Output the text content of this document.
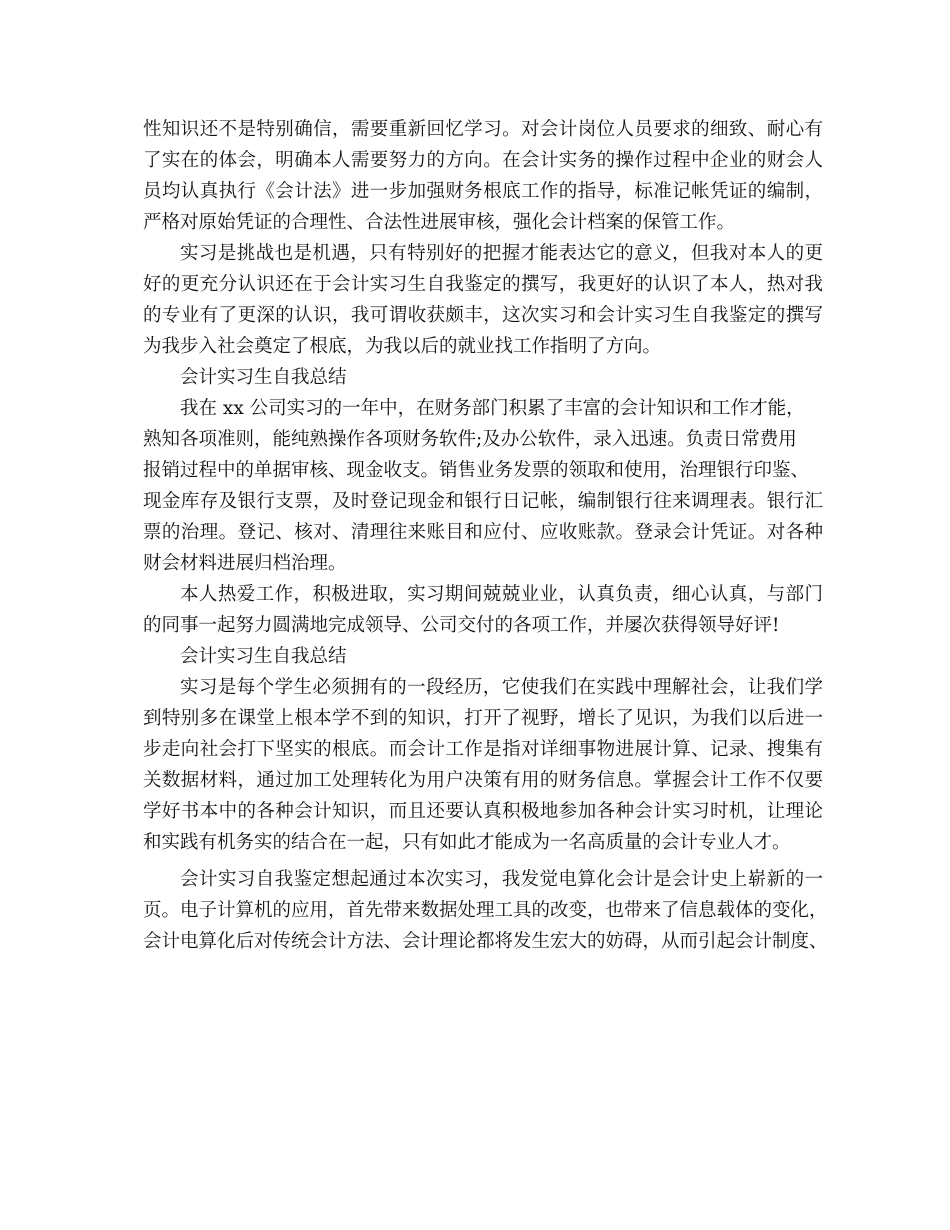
性知识还不是特别确信，需要重新回忆学习。对会计岗位人员要求的细致、耐心有
了实在的体会，明确本人需要努力的方向。在会计实务的操作过程中企业的财会人
员均认真执行《会计法》进一步加强财务根底工作的指导，标准记帐凭证的编制，
严格对原始凭证的合理性、合法性进展审核，强化会计档案的保管工作。
实习是挑战也是机遇，只有特别好的把握才能表达它的意义，但我对本人的更
好的更充分认识还在于会计实习生自我鉴定的撰写，我更好的认识了本人，热对我
的专业有了更深的认识，我可谓收获颇丰，这次实习和会计实习生自我鉴定的撰写
为我步入社会奠定了根底，为我以后的就业找工作指明了方向。
会计实习生自我总结
我在 xx 公司实习的一年中，在财务部门积累了丰富的会计知识和工作才能，
熟知各项准则，能纯熟操作各项财务软件;及办公软件，录入迅速。负责日常费用
报销过程中的单据审核、现金收支。销售业务发票的领取和使用，治理银行印鉴、
现金库存及银行支票，及时登记现金和银行日记帐，编制银行往来调理表。银行汇
票的治理。登记、核对、清理往来账目和应付、应收账款。登录会计凭证。对各种
财会材料进展归档治理。
本人热爱工作，积极进取，实习期间兢兢业业，认真负责，细心认真，与部门
的同事一起努力圆满地完成领导、公司交付的各项工作，并屡次获得领导好评!
会计实习生自我总结
实习是每个学生必须拥有的一段经历，它使我们在实践中理解社会，让我们学
到特别多在课堂上根本学不到的知识，打开了视野，增长了见识，为我们以后进一
步走向社会打下坚实的根底。而会计工作是指对详细事物进展计算、记录、搜集有
关数据材料，通过加工处理转化为用户决策有用的财务信息。掌握会计工作不仅要
学好书本中的各种会计知识，而且还要认真积极地参加各种会计实习时机，让理论
和实践有机务实的结合在一起，只有如此才能成为一名高质量的会计专业人才。
会计实习自我鉴定想起通过本次实习，我发觉电算化会计是会计史上崭新的一
页。电子计算机的应用，首先带来数据处理工具的改变，也带来了信息载体的变化，
会计电算化后对传统会计方法、会计理论都将发生宏大的妨碍，从而引起会计制度、
